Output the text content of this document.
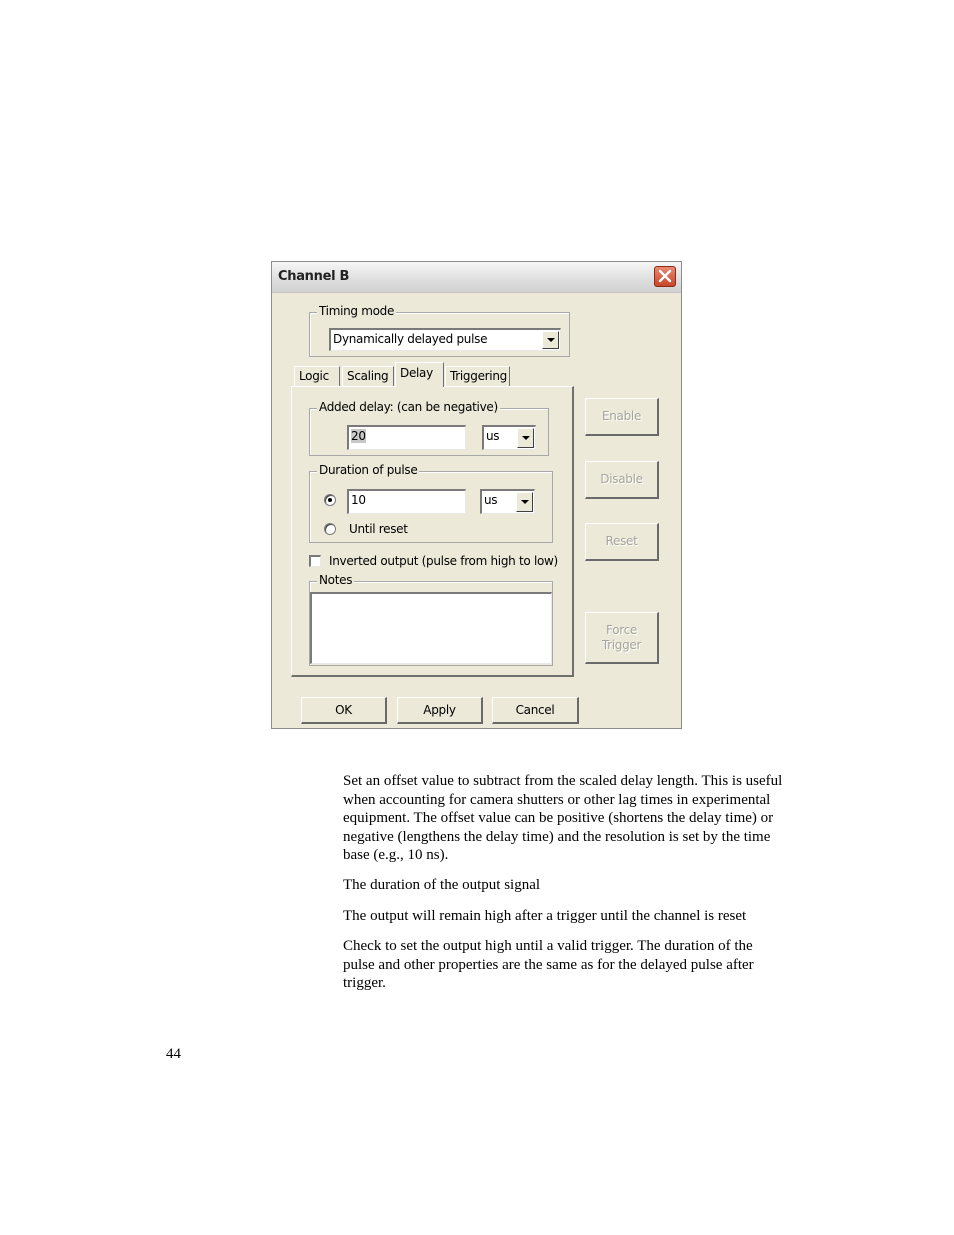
Channel B
Timing mode
Dynamically delayed pulse
Logic	Scaling Delay	Triggering
Added delay: (can be negative)
20	us
Duration of pulse
10	us
Until reset
Inverted output (pulse from high to low)
Notes
Enable
Disable
Reset
Force
Trigger
OK	Apply	Cancel

Set an offset value to subtract from the scaled delay length. This is useful when accounting for camera shutters or other lag times in experimental equipment. The offset value can be positive (shortens the delay time) or negative (lengthens the delay time) and the resolution is set by the time base (e.g., 10 ns).

The duration of the output signal

The output will remain high after a trigger until the channel is reset

Check to set the output high until a valid trigger. The duration of the pulse and other properties are the same as for the delayed pulse after trigger.

44
